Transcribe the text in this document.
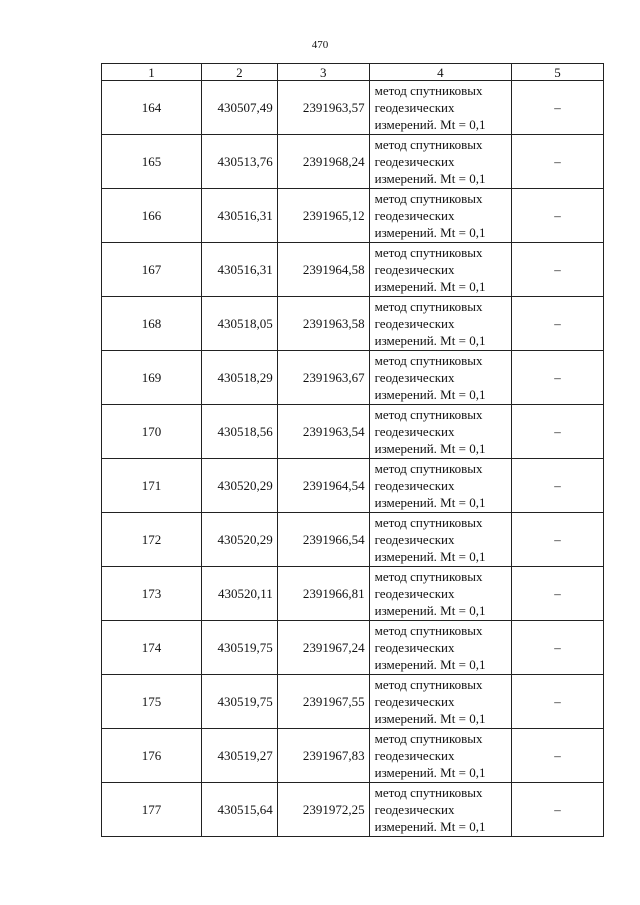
470
1	2	3	4	5
164	430507,49	2391963,57	метод спутниковых
геодезических
измерений. Mt = 0,1	–
165	430513,76	2391968,24	метод спутниковых
геодезических
измерений. Mt = 0,1	–
166	430516,31	2391965,12	метод спутниковых
геодезических
измерений. Mt = 0,1	–
167	430516,31	2391964,58	метод спутниковых
геодезических
измерений. Mt = 0,1	–
168	430518,05	2391963,58	метод спутниковых
геодезических
измерений. Mt = 0,1	–
169	430518,29	2391963,67	метод спутниковых
геодезических
измерений. Mt = 0,1	–
170	430518,56	2391963,54	метод спутниковых
геодезических
измерений. Mt = 0,1	–
171	430520,29	2391964,54	метод спутниковых
геодезических
измерений. Mt = 0,1	–
172	430520,29	2391966,54	метод спутниковых
геодезических
измерений. Mt = 0,1	–
173	430520,11	2391966,81	метод спутниковых
геодезических
измерений. Mt = 0,1	–
174	430519,75	2391967,24	метод спутниковых
геодезических
измерений. Mt = 0,1	–
175	430519,75	2391967,55	метод спутниковых
геодезических
измерений. Mt = 0,1	–
176	430519,27	2391967,83	метод спутниковых
геодезических
измерений. Mt = 0,1	–
177	430515,64	2391972,25	метод спутниковых
геодезических
измерений. Mt = 0,1	–
